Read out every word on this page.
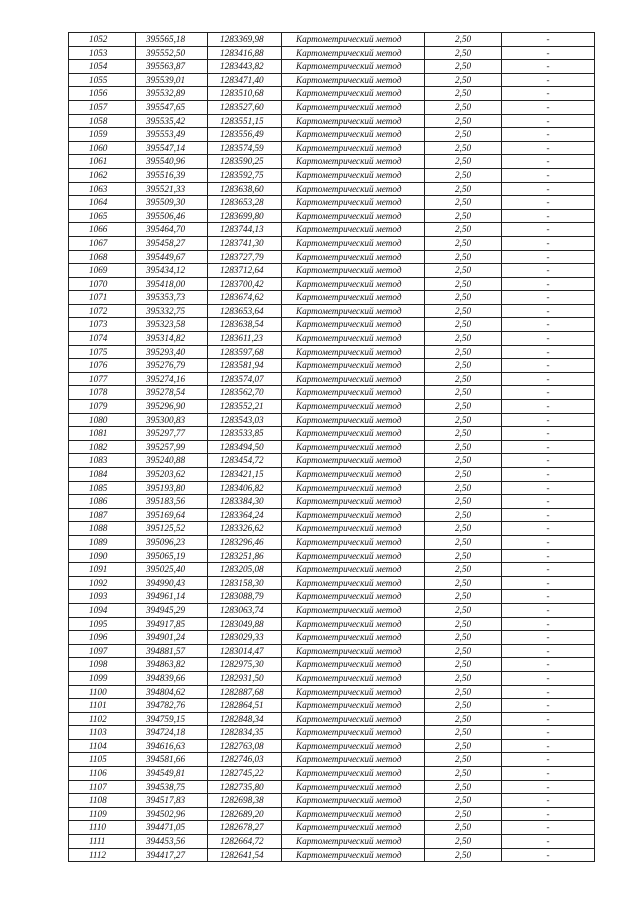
1052	395565,18	1283369,98	Картометрический метод	2,50	-
1053	395552,50	1283416,88	Картометрический метод	2,50	-
1054	395563,87	1283443,82	Картометрический метод	2,50	-
1055	395539,01	1283471,40	Картометрический метод	2,50	-
1056	395532,89	1283510,68	Картометрический метод	2,50	-
1057	395547,65	1283527,60	Картометрический метод	2,50	-
1058	395535,42	1283551,15	Картометрический метод	2,50	-
1059	395553,49	1283556,49	Картометрический метод	2,50	-
1060	395547,14	1283574,59	Картометрический метод	2,50	-
1061	395540,96	1283590,25	Картометрический метод	2,50	-
1062	395516,39	1283592,75	Картометрический метод	2,50	-
1063	395521,33	1283638,60	Картометрический метод	2,50	-
1064	395509,30	1283653,28	Картометрический метод	2,50	-
1065	395506,46	1283699,80	Картометрический метод	2,50	-
1066	395464,70	1283744,13	Картометрический метод	2,50	-
1067	395458,27	1283741,30	Картометрический метод	2,50	-
1068	395449,67	1283727,79	Картометрический метод	2,50	-
1069	395434,12	1283712,64	Картометрический метод	2,50	-
1070	395418,00	1283700,42	Картометрический метод	2,50	-
1071	395353,73	1283674,62	Картометрический метод	2,50	-
1072	395332,75	1283653,64	Картометрический метод	2,50	-
1073	395323,58	1283638,54	Картометрический метод	2,50	-
1074	395314,82	1283611,23	Картометрический метод	2,50	-
1075	395293,40	1283597,68	Картометрический метод	2,50	-
1076	395276,79	1283581,94	Картометрический метод	2,50	-
1077	395274,16	1283574,07	Картометрический метод	2,50	-
1078	395278,54	1283562,70	Картометрический метод	2,50	-
1079	395296,90	1283552,21	Картометрический метод	2,50	-
1080	395300,83	1283543,03	Картометрический метод	2,50	-
1081	395297,77	1283533,85	Картометрический метод	2,50	-
1082	395257,99	1283494,50	Картометрический метод	2,50	-
1083	395240,88	1283454,72	Картометрический метод	2,50	-
1084	395203,62	1283421,15	Картометрический метод	2,50	-
1085	395193,80	1283406,82	Картометрический метод	2,50	-
1086	395183,56	1283384,30	Картометрический метод	2,50	-
1087	395169,64	1283364,24	Картометрический метод	2,50	-
1088	395125,52	1283326,62	Картометрический метод	2,50	-
1089	395096,23	1283296,46	Картометрический метод	2,50	-
1090	395065,19	1283251,86	Картометрический метод	2,50	-
1091	395025,40	1283205,08	Картометрический метод	2,50	-
1092	394990,43	1283158,30	Картометрический метод	2,50	-
1093	394961,14	1283088,79	Картометрический метод	2,50	-
1094	394945,29	1283063,74	Картометрический метод	2,50	-
1095	394917,85	1283049,88	Картометрический метод	2,50	-
1096	394901,24	1283029,33	Картометрический метод	2,50	-
1097	394881,57	1283014,47	Картометрический метод	2,50	-
1098	394863,82	1282975,30	Картометрический метод	2,50	-
1099	394839,66	1282931,50	Картометрический метод	2,50	-
1100	394804,62	1282887,68	Картометрический метод	2,50	-
1101	394782,76	1282864,51	Картометрический метод	2,50	-
1102	394759,15	1282848,34	Картометрический метод	2,50	-
1103	394724,18	1282834,35	Картометрический метод	2,50	-
1104	394616,63	1282763,08	Картометрический метод	2,50	-
1105	394581,66	1282746,03	Картометрический метод	2,50	-
1106	394549,81	1282745,22	Картометрический метод	2,50	-
1107	394538,75	1282735,80	Картометрический метод	2,50	-
1108	394517,83	1282698,38	Картометрический метод	2,50	-
1109	394502,96	1282689,20	Картометрический метод	2,50	-
1110	394471,05	1282678,27	Картометрический метод	2,50	-
1111	394453,56	1282664,72	Картометрический метод	2,50	-
1112	394417,27	1282641,54	Картометрический метод	2,50	-
